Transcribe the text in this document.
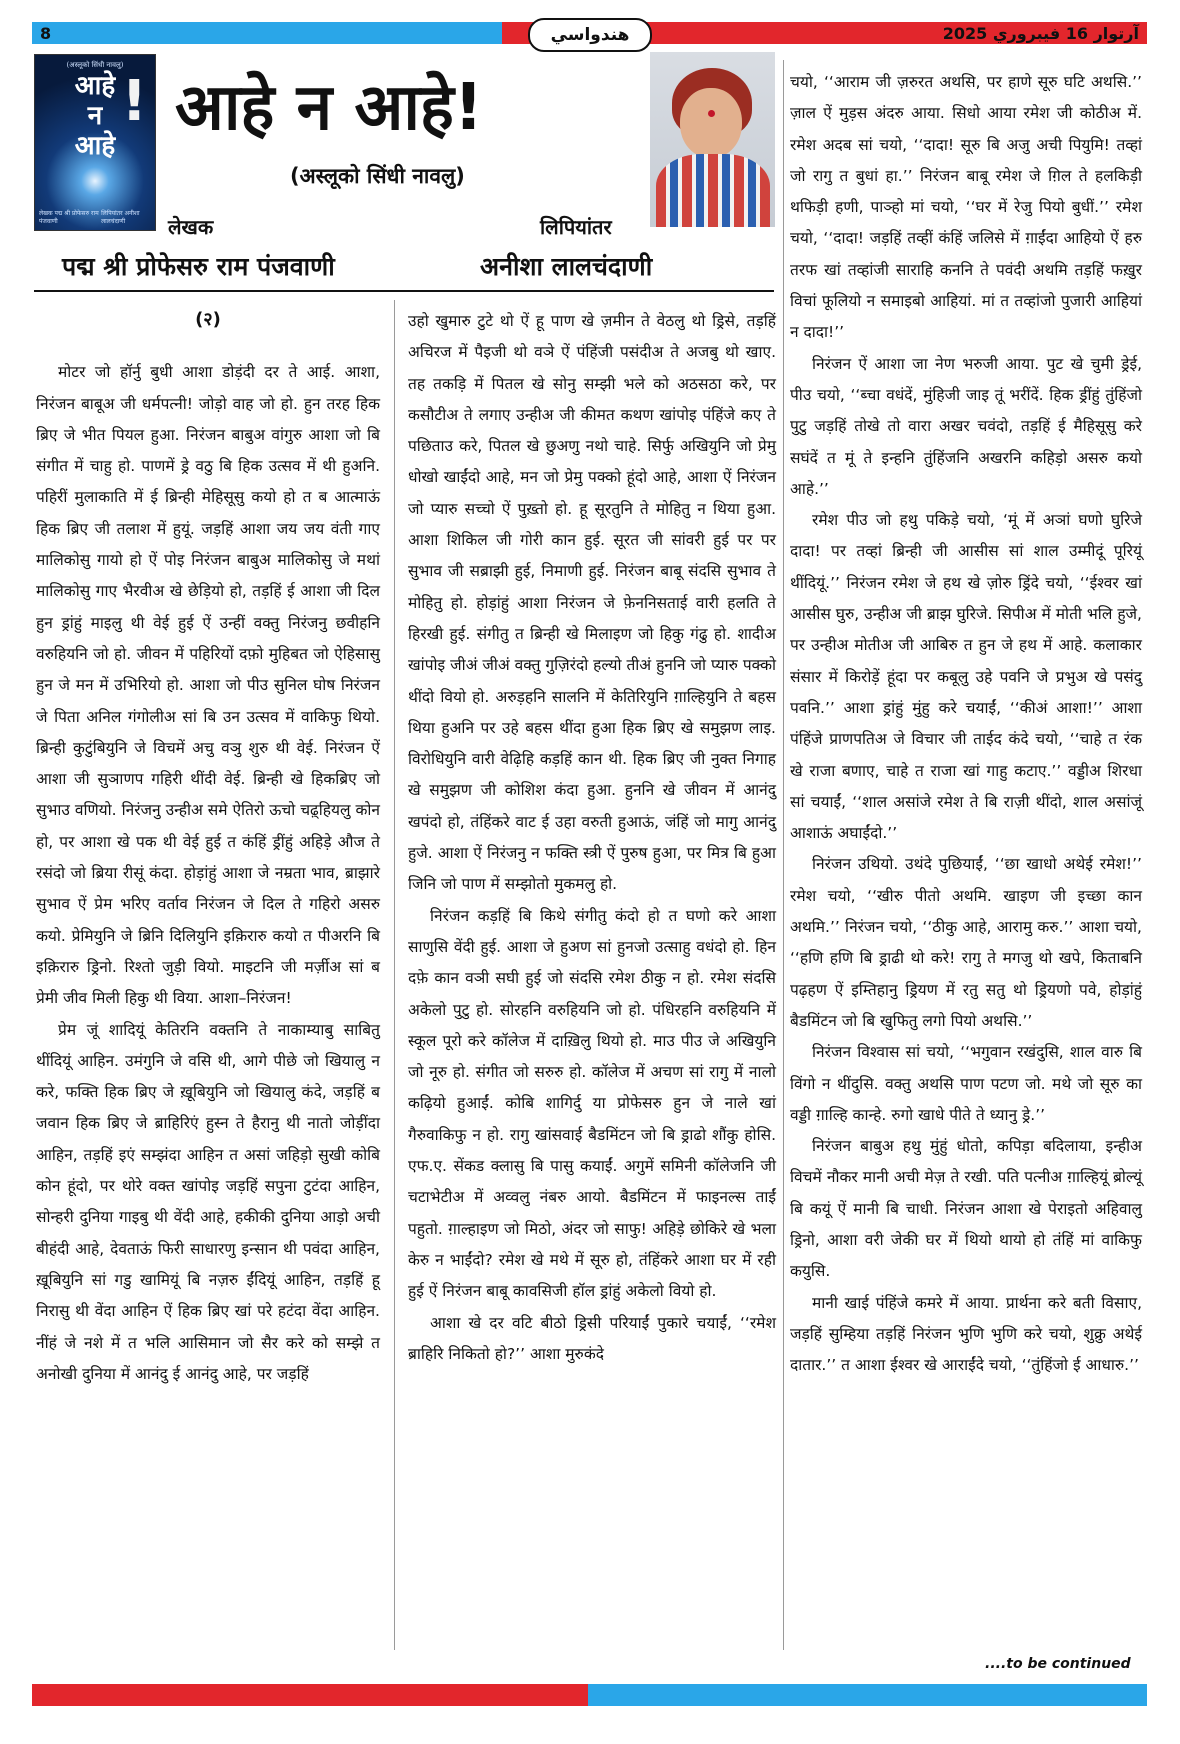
8	هندواسي	آرتوار 16 فيبروري 2025
(अस्लूको सिंधी नावलु)
आहे
न
आहे
!
लेखक पद्म श्री प्रोफेसरु राम पंजवाणी
लिपियांतर अनीशा लालचंदाणी
आहे न आहे!
(अस्लूको सिंधी नावलु)
लेखक	लिपियांतर
पद्म श्री प्रोफेसरु राम पंजवाणी	अनीशा लालचंदाणी

(२)

मोटर जो हॉर्नु बुधी आशा डोड़ंदी दर ते आई. आशा, निरंजन बाबूअ जी धर्मपत्नी! जोड़ो वाह जो हो. हुन तरह हिक ब्रिए जे भीत पियल हुआ. निरंजन बाबुअ वांगुरु आशा जो बि संगीत में चाहु हो. पाणमें ड्रे वठु बि हिक उत्सव में थी हुअनि. पहिरीं मुलाकाति में ई ब्रिन्ही मेहिसूसु कयो हो त ब आत्माऊं हिक ब्रिए जी तलाश में हुयूं. जड़हिं आशा जय जय वंती गाए मालिकोसु गायो हो ऐं पोइ निरंजन बाबुअ मालिकोसु जे मथां मालिकोसु गाए भैरवीअ खे छेड़ियो हो, तड़हिं ई आशा जी दिल हुन ड्रांहुं माइलु थी वेई हुई ऐं उन्हीं वक्तु निरंजनु छवीहनि वरुहियनि जो हो. जीवन में पहिरियों दफ़ो मुहिबत जो ऐहिसासु हुन जे मन में उभिरियो हो. आशा जो पीउ सुनिल घोष निरंजन जे पिता अनिल गंगोलीअ सां बि उन उत्सव में वाकिफु थियो. ब्रिन्ही कुटुंबियुनि जे विचमें अचु वञु शुरु थी वेई. निरंजन ऐं आशा जी सुञाणप गहिरी थींदी वेई. ब्रिन्ही खे हिकब्रिए जो सुभाउ वणियो. निरंजनु उन्हीअ समे ऐतिरो ऊचो चढ़्हियलु कोन हो, पर आशा खे पक थी वेई हुई त कंहिं ड्रींहुं अहिड़े औज ते रसंदो जो ब्रिया रीसूं कंदा. होड़ांहुं आशा जे नम्रता भाव, ब्राझारे सुभाव ऐं प्रेम भरिए वर्ताव निरंजन जे दिल ते गहिरो असरु कयो. प्रेमियुनि जे ब्रिनि दिलियुनि इक़िरारु कयो त पीअरनि बि इक़िरारु ड्रिनो. रिश्तो जुड़ी वियो. माइटनि जी मर्ज़ीअ सां ब प्रेमी जीव मिली हिकु थी विया. आशा–निरंजन!

प्रेम जूं शादियूं केतिरनि वक्तनि ते नाकाम्याबु साबितु थींदियूं आहिन. उमंगुनि जे वसि थी, आगे पीछे जो खियालु न करे, फक्ति हिक ब्रिए जे ख़ूबियुनि जो खियालु कंदे, जड़हिं ब जवान हिक ब्रिए जे ब्राहिरिएं हुस्न ते हैरानु थी नातो जोड़ींदा आहिन, तड़हिं इएं सम्झंदा आहिन त असां जहिड़ो सुखी कोबि कोन हूंदो, पर थोरे वक्त खांपोइ जड़हिं सपुना टुटंदा आहिन, सोन्हरी दुनिया गाइबु थी वेंदी आहे, हकीकी दुनिया आड़ो अची बीहंदी आहे, देवताऊं फिरी साधारणु इन्सान थी पवंदा आहिन, ख़ूबियुनि सां गडु खामियूं बि नज़रु ईंदियूं आहिन, तड़हिं हू निरासु थी वेंदा आहिन ऐं हिक ब्रिए खां परे हटंदा वेंदा आहिन. नींहं जे नशे में त भलि आसिमान जो सैर करे को सम्झे त अनोखी दुनिया में आनंदु ई आनंदु आहे, पर जड़हिं

उहो खुमारु टुटे थो ऐं हू पाण खे ज़मीन ते वेठलु थो ड्रिसे, तड़हिं अचिरज में पैइजी थो वञे ऐं पंहिंजी पसंदीअ ते अजबु थो खाए. तह तकड़ि में पितल खे सोनु सम्झी भले को अठसठा करे, पर कसौटीअ ते लगाए उन्हीअ जी कीमत कथण खांपोइ पंहिंजे कए ते पछिताउ करे, पितल खे छुअणु नथो चाहे. सिर्फु अखियुनि जो प्रेमु धोखो खाईंदो आहे, मन जो प्रेमु पक्को हूंदो आहे, आशा ऐं निरंजन जो प्यारु सच्चो ऐं पुख़्तो हो. हू सूरतुनि ते मोहितु न थिया हुआ. आशा शिकिल जी गोरी कान हुई. सूरत जी सांवरी हुई पर पर सुभाव जी सब्राझी हुई, निमाणी हुई. निरंजन बाबू संदसि सुभाव ते मोहितु हो. होड़ांहुं आशा निरंजन जे फ़ेननिसताई वारी हलति ते हिरखी हुई. संगीतु त ब्रिन्ही खे मिलाइण जो हिकु गंढु हो. शादीअ खांपोइ जीअं जीअं वक्तु गुज़िरंदो हल्यो तीअं हुननि जो प्यारु पक्को थींदो वियो हो. अरुड़हनि सालनि में केतिरियुनि ग़ाल्हियुनि ते बहस थिया हुअनि पर उहे बहस थींदा हुआ हिक ब्रिए खे समुझण लाइ. विरोधियुनि वारी वेढ़िहि कड़हिं कान थी. हिक ब्रिए जी नुक्त निगाह खे समुझण जी कोशिश कंदा हुआ. हुननि खे जीवन में आनंदु खपंदो हो, तंहिंकरे वाट ई उहा वरुती हुआऊं, जंहिं जो मागु आनंदु हुजे. आशा ऐं निरंजनु न फक्ति स्त्री ऐं पुरुष हुआ, पर मित्र बि हुआ जिनि जो पाण में सम्झोतो मुकमलु हो.

निरंजन कड़हिं बि किथे संगीतु कंदो हो त घणो करे आशा साणुसि वेंदी हुई. आशा जे हुअण सां हुनजो उत्साहु वधंदो हो. हिन दफ़े कान वञी सघी हुई जो संदसि रमेश ठीकु न हो. रमेश संदसि अकेलो पुटु हो. सोरहनि वरुहियनि जो हो. पंधिरहनि वरुहियनि में स्कूल पूरो करे कॉलेज में दाख़िलु थियो हो. माउ पीउ जे अखियुनि जो नूरु हो. संगीत जो सरुरु हो. कॉलेज में अचण सां रागु में नालो कढ़ियो हुआईं. कोबि शागिर्दु या प्रोफेसरु हुन जे नाले खां गैरुवाकिफु न हो. रागु खांसवाई बैडमिंटन जो बि ड्राढो शौंकु होसि. एफ.ए. सेंकड क्लासु बि पासु कयाईं. अगुमें समिनी कॉलेजनि जी चटाभेटीअ में अव्वलु नंबरु आयो. बैडमिंटन में फाइनल्स ताईं पहुतो. ग़ाल्हाइण जो मिठो, अंदर जो साफु! अहिड़े छोकिरे खे भला केरु न भाईंदो? रमेश खे मथे में सूरु हो, तंहिंकरे आशा घर में रही हुई ऐं निरंजन बाबू कावसिजी हॉल ड्रांहुं अकेलो वियो हो.

आशा खे दर वटि बीठो ड्रिसी परियाईं पुकारे चयाईं, ‘‘रमेश ब्राहिरि निकितो हो?’’ आशा मुरुकंदे

चयो, ‘‘आराम जी ज़रुरत अथसि, पर हाणे सूरु घटि अथसि.’’ ज़ाल ऐं मुड़स अंदरु आया. सिधो आया रमेश जी कोठीअ में. रमेश अदब सां चयो, ‘‘दादा! सूरु बि अजु अची पियुमि! तव्हां जो रागु त बुधां हा.’’ निरंजन बाबू रमेश जे ग़िल ते हलकिड़ी थफिड़ी हणी, पाञ्हो मां चयो, ‘‘घर में रेजु पियो बुधीं.’’ रमेश चयो, ‘‘दादा! जड़हिं तव्हीं कंहिं जलिसे में ग़ाईंदा आहियो ऐं हरु तरफ खां तव्हांजी साराहि कननि ते पवंदी अथमि तड़हिं फख़ुर विचां फूलियो न समाइबो आहियां. मां त तव्हांजो पुजारी आहियां न दादा!’’

निरंजन ऐं आशा जा नेण भरुजी आया. पुट खे चुमी ड्रेई, पीउ चयो, ‘‘ब्चा वधंदें, मुंहिजी जाइ तूं भरींदें. हिक ड्रींहुं तुंहिंजो पुटु जड़हिं तोखे तो वारा अखर चवंदो, तड़हिं ई मैहिसूसु करे सघंदें त मूं ते इन्हनि तुंहिंजनि अखरनि कहिड़ो असरु कयो आहे.’’

रमेश पीउ जो हथु पकिड़े चयो, ‘मूं में अञां घणो घुरिजे दादा! पर तव्हां ब्रिन्ही जी आसीस सां शाल उम्मीदूं पूरियूं थींदियूं.’’ निरंजन रमेश जे हथ खे ज़ोरु ड्रिंदे चयो, ‘‘ईश्वर खां आसीस घुरु, उन्हीअ जी ब्राझ घुरिजे. सिपीअ में मोती भलि हुजे, पर उन्हीअ मोतीअ जी आबिरु त हुन जे हथ में आहे. कलाकार संसार में किरोड़ें हूंदा पर कबूलु उहे पवनि जे प्रभुअ खे पसंदु पवनि.’’ आशा ड्रांहुं मुंहु करे चयाईं, ‘‘कीअं आशा!’’ आशा पंहिंजे प्राणपतिअ जे विचार जी ताईद कंदे चयो, ‘‘चाहे त रंक खे राजा बणाए, चाहे त राजा खां गाहु कटाए.’’ वड्डीअ शिरधा सां चयाईं, ‘‘शाल असांजे रमेश ते बि राज़ी थींदो, शाल असांजूं आशाऊं अघाईंदो.’’

निरंजन उथियो. उथंदे पुछियाईं, ‘‘छा खाधो अथेई रमेश!’’ रमेश चयो, ‘‘खीरु पीतो अथमि. खाइण जी इच्छा कान अथमि.’’ निरंजन चयो, ‘‘ठीकु आहे, आरामु करु.’’ आशा चयो, ‘‘हणि हणि बि ड्राढी थो करे! रागु ते मगजु थो खपे, किताबनि पढ़हण ऐं इम्तिहानु ड्रियण में रतु सतु थो ड्रियणो पवे, होड़ांहुं बैडमिंटन जो बि खुफितु लगो पियो अथसि.’’

निरंजन विश्वास सां चयो, ‘‘भगुवान रखंदुसि, शाल वारु बि विंगो न थींदुसि. वक्तु अथसि पाण पटण जो. मथे जो सूरु का वड्डी ग़ाल्हि कान्हे. रुगो खाधे पीते ते ध्यानु ड्रे.’’

निरंजन बाबुअ हथु मुंहुं धोतो, कपिड़ा बदिलाया, इन्हीअ विचमें नौकर मानी अची मेज़ ते रखी. पति पत्नीअ ग़ाल्हियूं ब्रोल्यूं बि कयूं ऐं मानी बि चाधी. निरंजन आशा खे पेराइतो अहिवालु ड्रिनो, आशा वरी जेकी घर में थियो थायो हो तंहिं मां वाकिफु कयुसि.

मानी खाई पंहिंजे कमरे में आया. प्रार्थना करे बती विसाए, जड़हिं सुम्हिया तड़हिं निरंजन भुणि भुणि करे चयो, शुक्रु अथेई दातार.’’ त आशा ईश्वर खे आराईंदे चयो, ‘‘तुंहिंजो ई आधारु.’’

....to be continued
